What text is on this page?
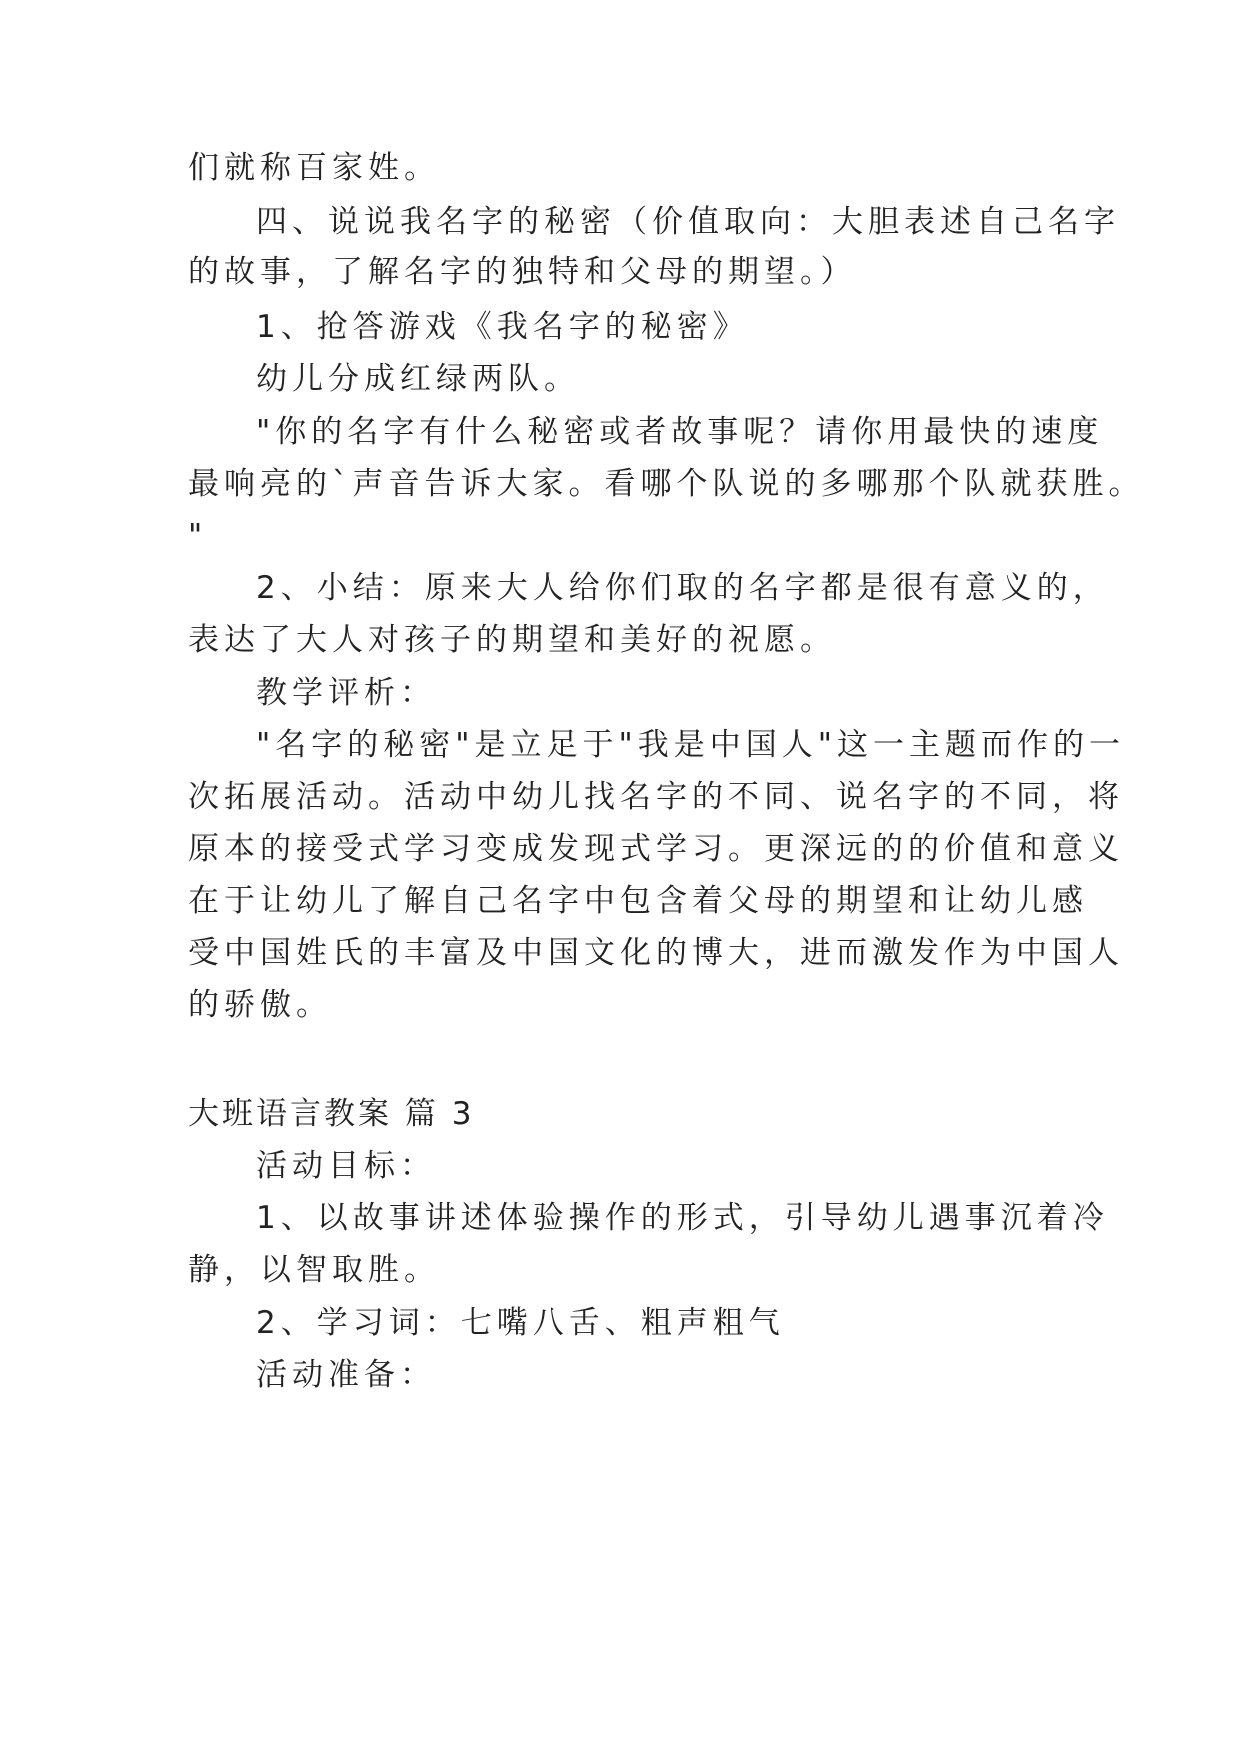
们就称百家姓。

四、说说我名字的秘密（价值取向：大胆表述自己名字

的故事，了解名字的独特和父母的期望。）

1、抢答游戏《我名字的秘密》

幼儿分成红绿两队。

"你的名字有什么秘密或者故事呢？请你用最快的速度

最响亮的`声音告诉大家。看哪个队说的多哪那个队就获胜。

"

2、小结：原来大人给你们取的名字都是很有意义的，

表达了大人对孩子的期望和美好的祝愿。

教学评析：

"名字的秘密"是立足于"我是中国人"这一主题而作的一

次拓展活动。活动中幼儿找名字的不同、说名字的不同，将

原本的接受式学习变成发现式学习。更深远的的价值和意义

在于让幼儿了解自己名字中包含着父母的期望和让幼儿感

受中国姓氏的丰富及中国文化的博大，进而激发作为中国人

的骄傲。

大班语言教案 篇 3

活动目标：

1、以故事讲述体验操作的形式，引导幼儿遇事沉着冷

静，以智取胜。

2、学习词：七嘴八舌、粗声粗气

活动准备：
